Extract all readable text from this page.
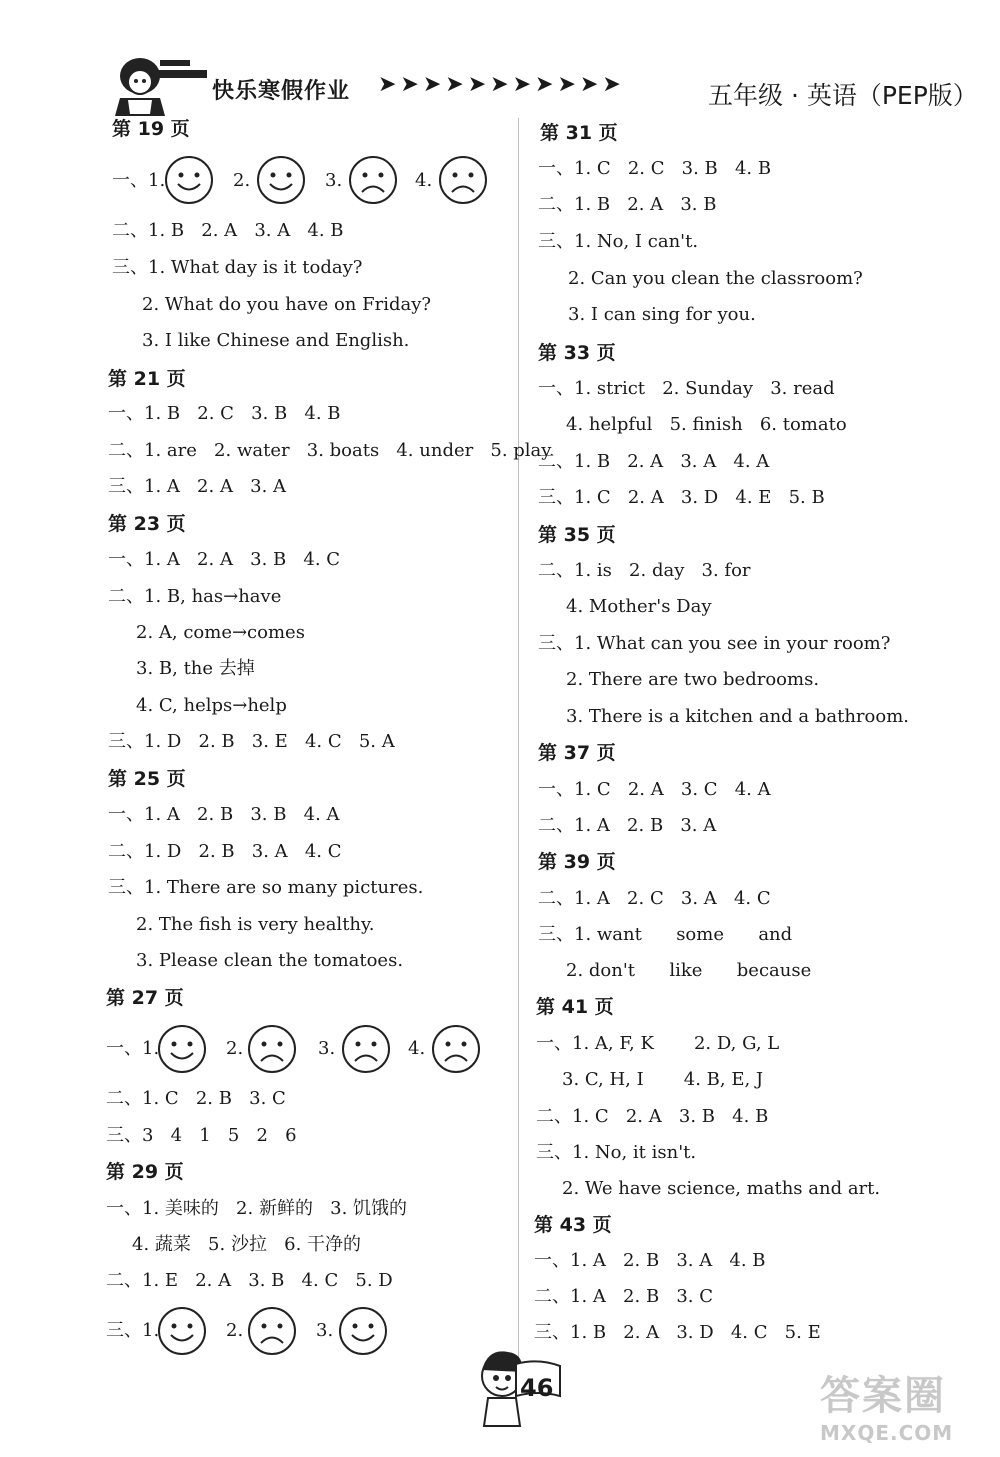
快乐寒假作业 ➤➤➤➤➤➤➤➤➤➤➤	五年级 · 英语（PEP版）
第 19 页
一、1.	2.	3.	4.
二、1. B   2. A   3. A   4. B
三、1. What day is it today?
2. What do you have on Friday?
3. I like Chinese and English.
第 21 页
一、1. B   2. C   3. B   4. B
二、1. are   2. water   3. boats   4. under   5. play
三、1. A   2. A   3. A
第 23 页
一、1. A   2. A   3. B   4. C
二、1. B, has→have
2. A, come→comes
3. B, the 去掉
4. C, helps→help
三、1. D   2. B   3. E   4. C   5. A
第 25 页
一、1. A   2. B   3. B   4. A
二、1. D   2. B   3. A   4. C
三、1. There are so many pictures.
2. The fish is very healthy.
3. Please clean the tomatoes.
第 27 页
一、1.	2.	3.	4.
二、1. C   2. B   3. C
三、3   4   1   5   2   6
第 29 页
一、1. 美味的   2. 新鲜的   3. 饥饿的
4. 蔬菜   5. 沙拉   6. 干净的
二、1. E   2. A   3. B   4. C   5. D
三、1.	2.	3.
第 31 页
一、1. C   2. C   3. B   4. B
二、1. B   2. A   3. B
三、1. No, I can't.
2. Can you clean the classroom?
3. I can sing for you.
第 33 页
一、1. strict   2. Sunday   3. read
4. helpful   5. finish   6. tomato
二、1. B   2. A   3. A   4. A
三、1. C   2. A   3. D   4. E   5. B
第 35 页
二、1. is   2. day   3. for
4. Mother's Day
三、1. What can you see in your room?
2. There are two bedrooms.
3. There is a kitchen and a bathroom.
第 37 页
一、1. C   2. A   3. C   4. A
二、1. A   2. B   3. A
第 39 页
二、1. A   2. C   3. A   4. C
三、1. want      some      and
2. don't      like      because
第 41 页
一、1. A, F, K       2. D, G, L
3. C, H, I       4. B, E, J
二、1. C   2. A   3. B   4. B
三、1. No, it isn't.
2. We have science, maths and art.
第 43 页
一、1. A   2. B   3. A   4. B
二、1. A   2. B   3. C
三、1. B   2. A   3. D   4. C   5. E
46	答案圈
MXQE.COM
